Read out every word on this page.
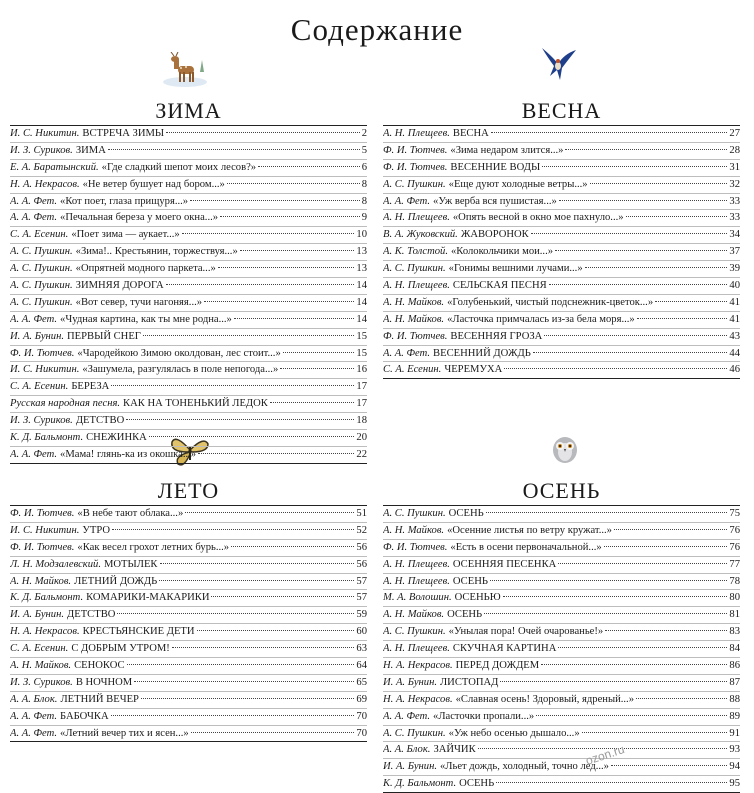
Содержание
ЗИМА
И. С. Никитин. ВСТРЕЧА ЗИМЫ	2
И. З. Суриков. ЗИМА	5
Е. А. Баратынский. «Где сладкий шепот моих лесов?»	6
Н. А. Некрасов. «Не ветер бушует над бором...»	8
А. А. Фет. «Кот поет, глаза прищуря...»	8
А. А. Фет. «Печальная береза у моего окна...»	9
С. А. Есенин. «Поет зима — аукает...»	10
А. С. Пушкин. «Зима!.. Крестьянин, торжествуя...»	13
А. С. Пушкин. «Опрятней модного паркета...»	13
А. С. Пушкин. ЗИМНЯЯ ДОРОГА	14
А. С. Пушкин. «Вот север, тучи нагоняя...»	14
А. А. Фет. «Чудная картина, как ты мне родна...»	14
И. А. Бунин. ПЕРВЫЙ СНЕГ	15
Ф. И. Тютчев. «Чародейкою Зимою околдован, лес стоит...»	15
И. С. Никитин. «Зашумела, разгулялась в поле непогода...»	16
С. А. Есенин. БЕРЕЗА	17
Русская народная песня. КАК НА ТОНЕНЬКИЙ ЛЕДОК	17
И. З. Суриков. ДЕТСТВО	18
К. Д. Бальмонт. СНЕЖИНКА	20
А. А. Фет. «Мама! глянь-ка из окошка...»	22
ВЕСНА
А. Н. Плещеев. ВЕСНА	27
Ф. И. Тютчев. «Зима недаром злится...»	28
Ф. И. Тютчев. ВЕСЕННИЕ ВОДЫ	31
А. С. Пушкин. «Еще дуют холодные ветры...»	32
А. А. Фет. «Уж верба вся пушистая...»	33
А. Н. Плещеев. «Опять весной в окно мое пахнуло...»	33
В. А. Жуковский. ЖАВОРОНОК	34
А. К. Толстой. «Колокольчики мои...»	37
А. С. Пушкин. «Гонимы вешними лучами...»	39
А. Н. Плещеев. СЕЛЬСКАЯ ПЕСНЯ	40
А. Н. Майков. «Голубенький, чистый подснежник-цветок...»	41
А. Н. Майков. «Ласточка примчалась из-за бела моря...»	41
Ф. И. Тютчев. ВЕСЕННЯЯ ГРОЗА	43
А. А. Фет. ВЕСЕННИЙ ДОЖДЬ	44
С. А. Есенин. ЧЕРЕМУХА	46
ЛЕТО
Ф. И. Тютчев. «В небе тают облака...»	51
И. С. Никитин. УТРО	52
Ф. И. Тютчев. «Как весел грохот летних бурь...»	56
Л. Н. Модзалевский. МОТЫЛЕК	56
А. Н. Майков. ЛЕТНИЙ ДОЖДЬ	57
К. Д. Бальмонт. КОМАРИКИ-МАКАРИКИ	57
И. А. Бунин. ДЕТСТВО	59
Н. А. Некрасов. КРЕСТЬЯНСКИЕ ДЕТИ	60
С. А. Есенин. С ДОБРЫМ УТРОМ!	63
А. Н. Майков. СЕНОКОС	64
И. З. Суриков. В НОЧНОМ	65
А. А. Блок. ЛЕТНИЙ ВЕЧЕР	69
А. А. Фет. БАБОЧКА	70
А. А. Фет. «Летний вечер тих и ясен...»	70
ОСЕНЬ
А. С. Пушкин. ОСЕНЬ	75
А. Н. Майков. «Осенние листья по ветру кружат...»	76
Ф. И. Тютчев. «Есть в осени первоначальной...»	76
А. Н. Плещеев. ОСЕННЯЯ ПЕСЕНКА	77
А. Н. Плещеев. ОСЕНЬ	78
М. А. Волошин. ОСЕНЬЮ	80
А. Н. Майков. ОСЕНЬ	81
А. С. Пушкин. «Унылая пора! Очей очарованье!»	83
А. Н. Плещеев. СКУЧНАЯ КАРТИНА	84
Н. А. Некрасов. ПЕРЕД ДОЖДЕМ	86
И. А. Бунин. ЛИСТОПАД	87
Н. А. Некрасов. «Славная осень! Здоровый, ядреный...»	88
А. А. Фет. «Ласточки пропали...»	89
А. С. Пушкин. «Уж небо осенью дышало...»	91
А. А. Блок. ЗАЙЧИК	93
И. А. Бунин. «Льет дождь, холодный, точно лед...»	94
К. Д. Бальмонт. ОСЕНЬ	95
ozon.ru
